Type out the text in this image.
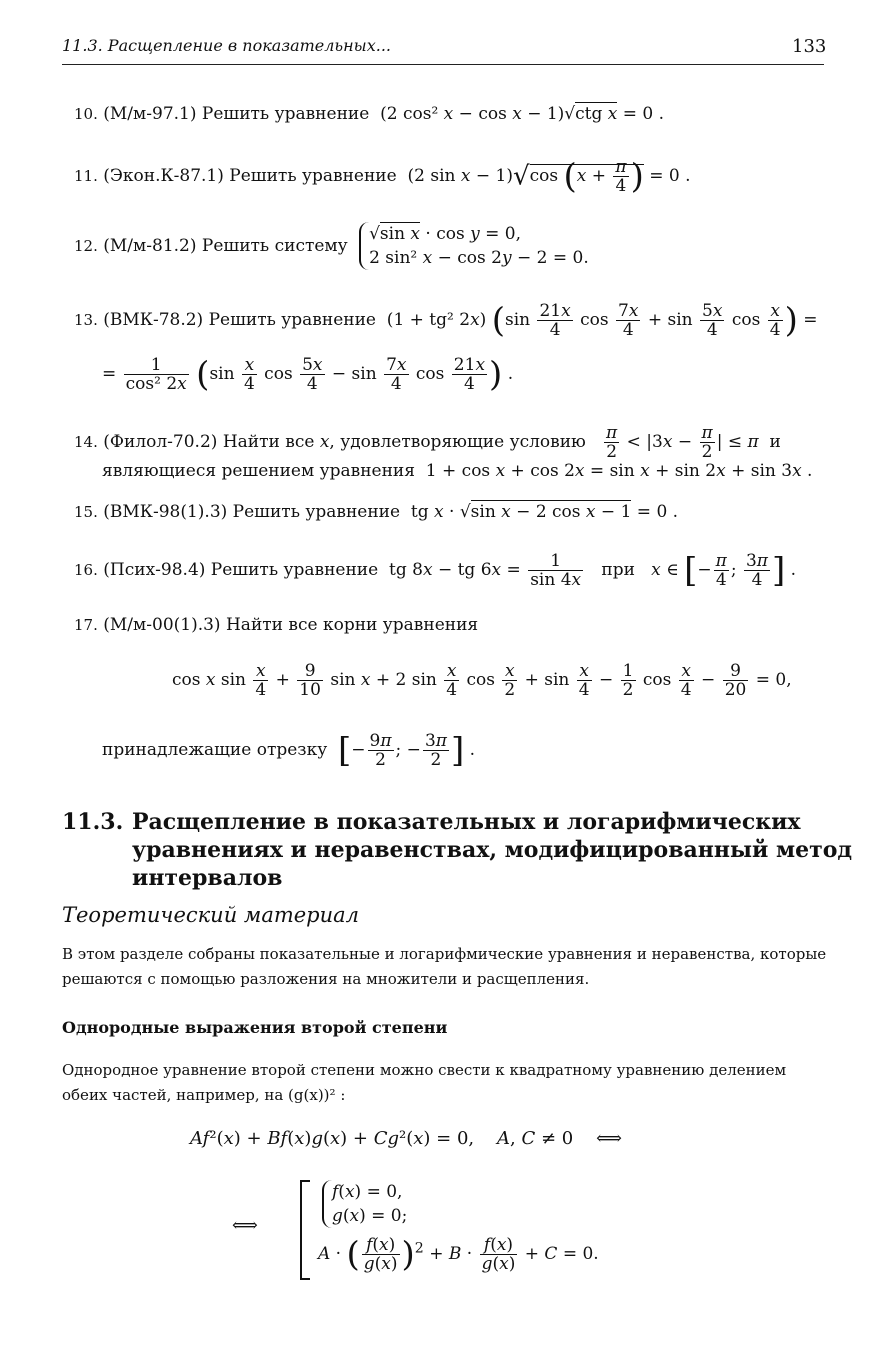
11.3. Расщепление в показательных...	133
10. (М/м-97.1) Решить уравнение  (2 cos² x − cos x − 1)√ctg x = 0 .
11. (Экон.К-87.1) Решить уравнение  (2 sin x − 1)√cos ($x + \frac{\pi}{4}$ ) = 0 .
12. (М/м-81.2) Решить систему
√sin x · cos y = 0,
2 sin² x − cos 2y − 2 = 0.
13. (ВМК-78.2) Решить уравнение  (1 + tg² 2x) ($\sin \frac{21x}{4}$ $\cos \frac{7x}{4} + \sin \frac{5x}{4}$ $\cos \frac{x}{4}$ ) =
= $\frac{1}{\text{cos² 2x}} (\sin \frac{x}{4}$ $\cos \frac{5x}{4} - \sin \frac{7x}{4}$ $\cos \frac{21x}{4}$ ) .
14. (Филол-70.2) Найти все x, удовлетворяющие условию $\frac{\pi}{2} < |3x - \frac{\pi}{2}$ | ≤ π  и
являющиеся решением уравнения  1 + cos x + cos 2x = sin x + sin 2x + sin 3x .
15. (ВМК-98(1).3) Решить уравнение  tg x · √sin x − 2 cos x − 1 = 0 .
16. (Псих-98.4) Решить уравнение  tg 8x − tg $6x = \frac{1}{\sin 4x}$ при x ∈ [− $\frac{\pi}{4}$ ; $\frac{3\pi}{4}$ ] .
17. (М/м-00(1).3) Найти все корни уравнения
cos x $\sin \frac{x}{4} + \frac{9}{10}$ sin x + 2 $\sin \frac{x}{4}$ $\cos \frac{x}{2} + \sin \frac{x}{4} - \frac{1}{2}$ $\cos \frac{x}{4} - \frac{9}{20} = 0$,
принадлежащие отрезку [− $\frac{9\pi}{2}$ ; − $\frac{3\pi}{2}$ ] .
11.3. Расщепление в показательных и логарифмических
уравнениях и неравенствах, модифицированный метод
интервалов
Теоретический материал
В этом разделе собраны показательные и логарифмические уравнения и неравенства, которые решаются с помощью разложения на множители и расщепления.
Однородные выражения второй степени
Однородное уравнение второй степени можно свести к квадратному уравнению делением обеих частей, например, на (g(x))² :
Af²(x) + Bf(x)g(x) + Cg²(x) = 0,    A, C ≠ 0    ⟺
⟺
f(x) = 0,
g(x) = 0;
A · ( $\frac{f(x)}{g(x)} )^2 + B \cdot \frac{f(x)}{g(x)} + C = 0$.
